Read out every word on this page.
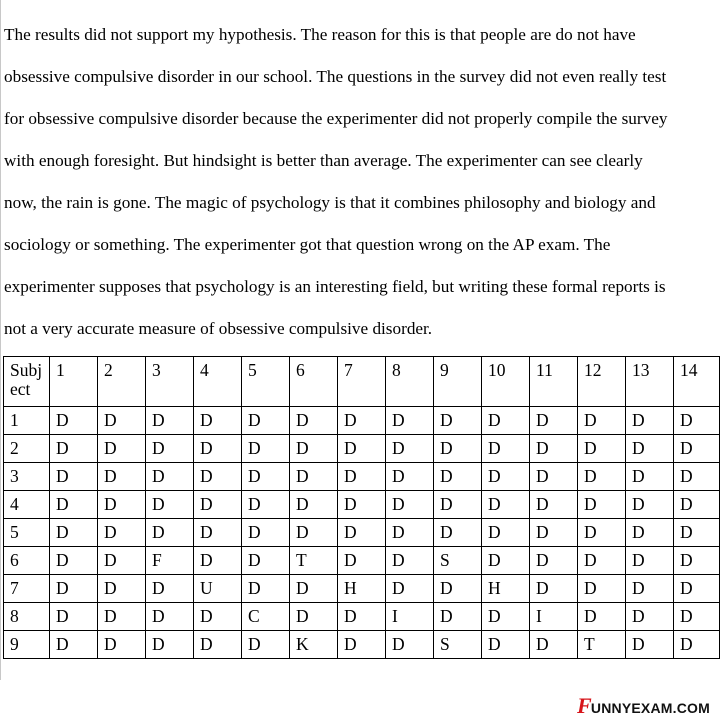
The results did not support my hypothesis. The reason for this is that people are do not have
obsessive compulsive disorder in our school. The questions in the survey did not even really test
for obsessive compulsive disorder because the experimenter did not properly compile the survey
with enough foresight. But hindsight is better than average. The experimenter can see clearly
now, the rain is gone. The magic of psychology is that it combines philosophy and biology and
sociology or something. The experimenter got that question wrong on the AP exam. The
experimenter supposes that psychology is an interesting field, but writing these formal reports is
not a very accurate measure of obsessive compulsive disorder.
Subj ect	1	2	3	4	5	6	7	8	9	10	11	12	13	14
1	D	D	D	D	D	D	D	D	D	D	D	D	D	D
2	D	D	D	D	D	D	D	D	D	D	D	D	D	D
3	D	D	D	D	D	D	D	D	D	D	D	D	D	D
4	D	D	D	D	D	D	D	D	D	D	D	D	D	D
5	D	D	D	D	D	D	D	D	D	D	D	D	D	D
6	D	D	F	D	D	T	D	D	S	D	D	D	D	D
7	D	D	D	U	D	D	H	D	D	H	D	D	D	D
8	D	D	D	D	C	D	D	I	D	D	I	D	D	D
9	D	D	D	D	D	K	D	D	S	D	D	T	D	D
FUNNYEXAM.COM
